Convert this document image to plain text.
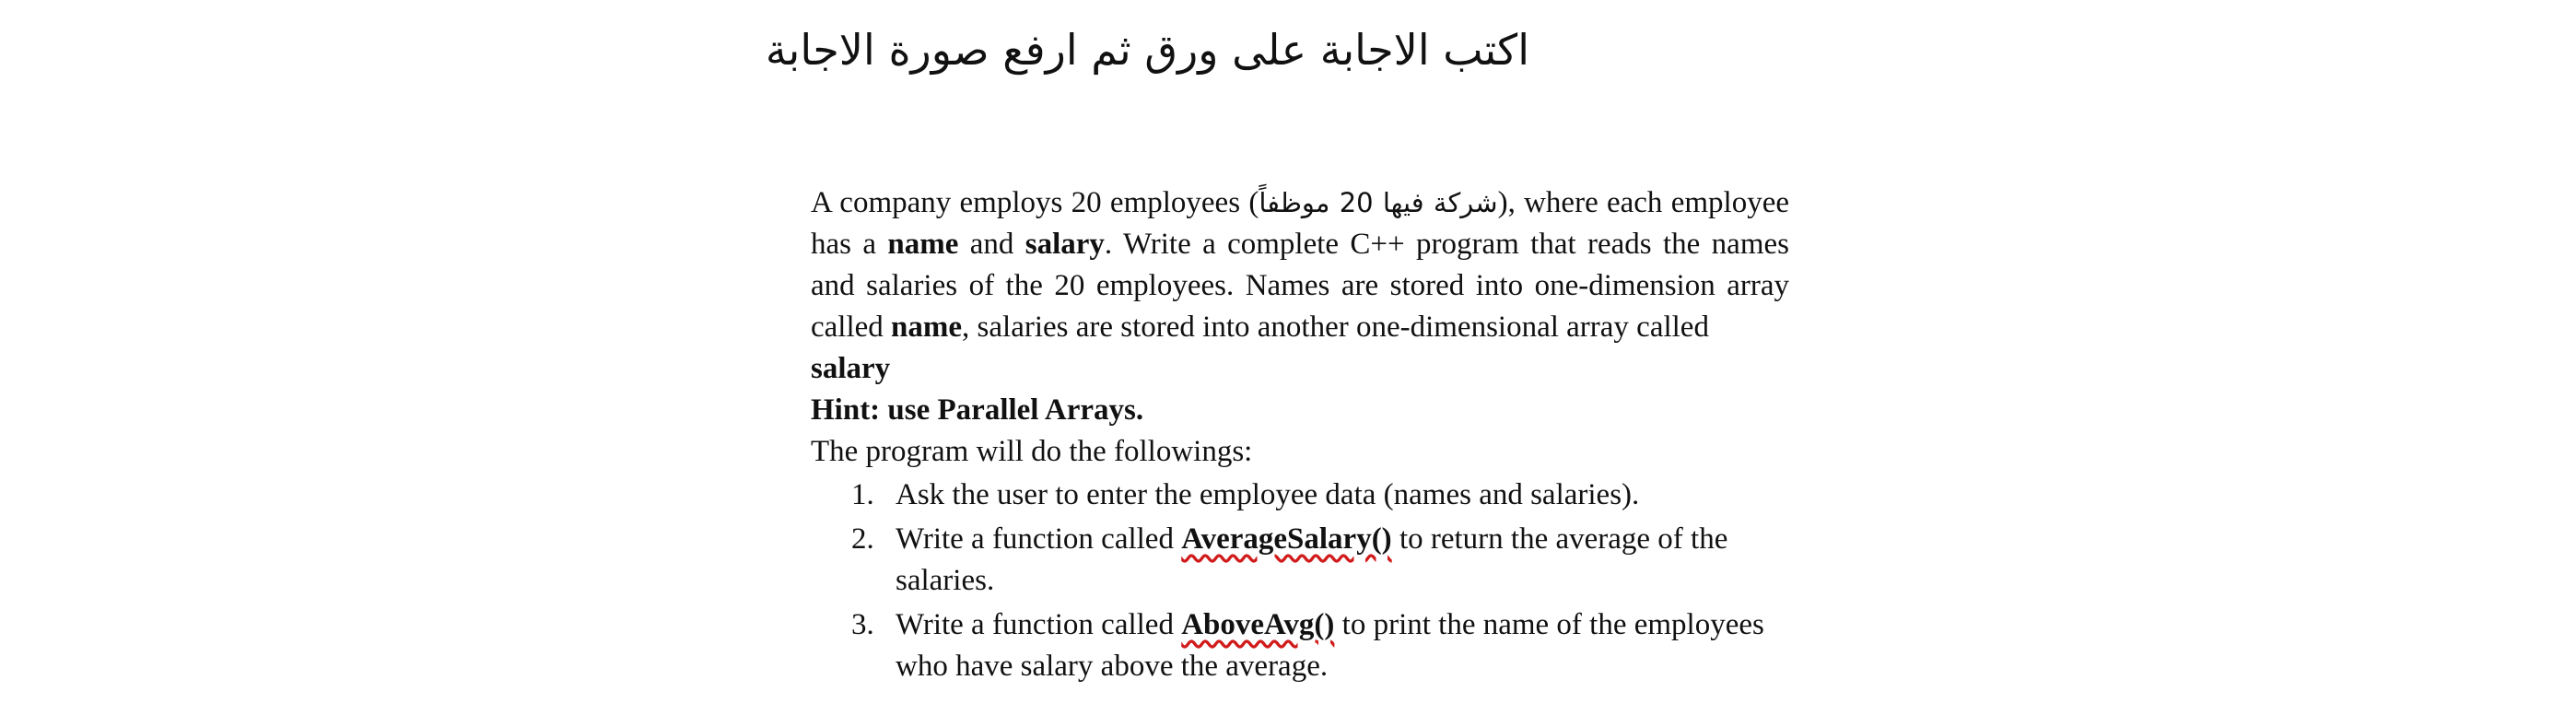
اكتب الاجابة على ورق ثم ارفع صورة الاجابة

A company employs 20 employees (شركة فيها 20 موظفاً), where each employee has a name and salary. Write a complete C++ program that reads the names and salaries of the 20 employees. Names are stored into one-dimension array called name, salaries are stored into another one-dimensional array called
salary

Hint: use Parallel Arrays.

The program will do the followings:

1. Ask the user to enter the employee data (names and salaries).
2. Write a function called AverageSalary() to return the average of the salaries.
3. Write a function called AboveAvg() to print the name of the employees who have salary above the average.
